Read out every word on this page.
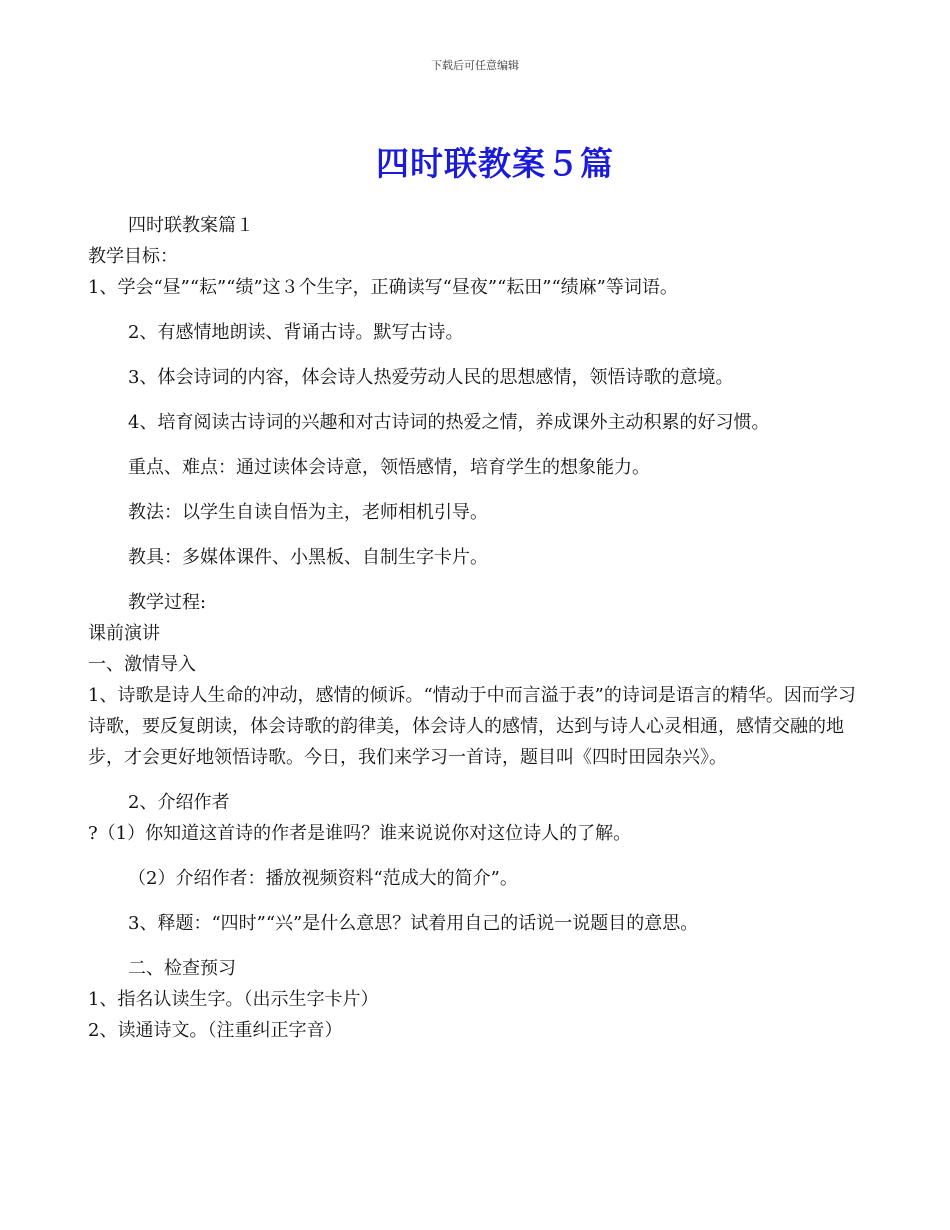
下载后可任意编辑
四时联教案５篇
四时联教案篇１
教学目标：
1、学会“昼”“耘”“绩”这３个生字，正确读写“昼夜”“耘田”“绩麻”等词语。
2、有感情地朗读、背诵古诗。默写古诗。
3、体会诗词的内容，体会诗人热爱劳动人民的思想感情，领悟诗歌的意境。
4、培育阅读古诗词的兴趣和对古诗词的热爱之情，养成课外主动积累的好习惯。
重点、难点：通过读体会诗意，领悟感情，培育学生的想象能力。
教法：以学生自读自悟为主，老师相机引导。
教具：多媒体课件、小黑板、自制生字卡片。
教学过程:
课前演讲
一、激情导入
1、诗歌是诗人生命的冲动，感情的倾诉。“情动于中而言溢于表”的诗词是语言的精华。因而学习诗歌，要反复朗读，体会诗歌的韵律美，体会诗人的感情，达到与诗人心灵相通，感情交融的地步，才会更好地领悟诗歌。今日，我们来学习一首诗，题目叫《四时田园杂兴》。
2、介绍作者
?（1）你知道这首诗的作者是谁吗？谁来说说你对这位诗人的了解。
（2）介绍作者：播放视频资料“范成大的简介”。
3、释题：“四时”“兴”是什么意思？试着用自己的话说一说题目的意思。
二、检查预习
1、指名认读生字。（出示生字卡片）
2、读通诗文。（注重纠正字音）
